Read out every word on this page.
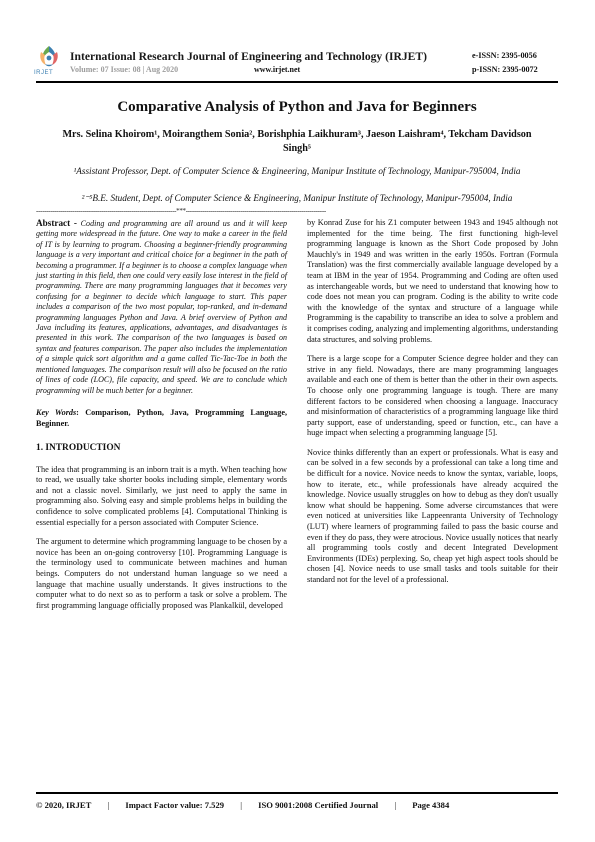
IRJET
International Research Journal of Engineering and Technology (IRJET)
Volume: 07 Issue: 08 | Aug 2020	www.irjet.net
e-ISSN: 2395-0056
p-ISSN: 2395-0072
Comparative Analysis of Python and Java for Beginners
Mrs. Selina Khoirom¹, Moirangthem Sonia², Borishphia Laikhuram³, Jaeson Laishram⁴, Tekcham Davidson Singh⁵
¹Assistant Professor, Dept. of Computer Science & Engineering, Manipur Institute of Technology, Manipur-795004, India
²⁻⁵B.E. Student, Dept. of Computer Science & Engineering, Manipur Institute of Technology, Manipur-795004, India
---------------------------------------------------------------------***---------------------------------------------------------------------

Abstract - Coding and programming are all around us and it will keep getting more widespread in the future. One way to make a career in the field of IT is by learning to program. Choosing a beginner-friendly programming language is a very important and critical choice for a beginner in the path of becoming a programmer. If a beginner is to choose a complex language when just starting in this field, then one could very easily lose interest in the field of programming. There are many programming languages that it becomes very confusing for a beginner to decide which language to start. This paper includes a comparison of the two most popular, top-ranked, and in-demand programming languages Python and Java. A brief overview of Python and Java including its features, applications, advantages, and disadvantages is presented in this work. The comparison of the two languages is based on syntax and features comparison. The paper also includes the implementation of a simple quick sort algorithm and a game called Tic-Tac-Toe in both the mentioned languages. The comparison result will also be focused on the ratio of lines of code (LOC), file capacity, and speed. We are to conclude which programming will be much better for a beginner.

Key Words: Comparison, Python, Java, Programming Language, Beginner.

1. INTRODUCTION

The idea that programming is an inborn trait is a myth. When teaching how to read, we usually take shorter books including simple, elementary words and not a classic novel. Similarly, we just need to apply the same in programming also. Solving easy and simple problems helps in building the confidence to solve complicated problems [4]. Computational Thinking is essential especially for a person associated with Computer Science.

The argument to determine which programming language to be chosen by a novice has been an on-going controversy [10]. Programming Language is the terminology used to communicate between machines and human beings. Computers do not understand human language so we need a language that machine usually understands. It gives instructions to the computer what to do next so as to perform a task or solve a problem. The first programming language officially proposed was Plankalkül, developed

by Konrad Zuse for his Z1 computer between 1943 and 1945 although not implemented for the time being. The first functioning high-level programming language is known as the Short Code proposed by John Mauchly's in 1949 and was written in the early 1950s. Fortran (Formula Translation) was the first commercially available language developed by a team at IBM in the year of 1954. Programming and Coding are often used as interchangeable words, but we need to understand that knowing how to code does not mean you can program. Coding is the ability to write code with the knowledge of the syntax and structure of a language while Programming is the capability to transcribe an idea to solve a problem and it comprises coding, analyzing and implementing algorithms, understanding data structures, and solving problems.

There is a large scope for a Computer Science degree holder and they can strive in any field. Nowadays, there are many programming languages available and each one of them is better than the other in their own aspects. To choose only one programming language is tough. There are many different factors to be considered when choosing a language. Inaccuracy and misinformation of characteristics of a programming language like third party support, ease of understanding, speed or function, etc., can have a huge impact when selecting a programming language [5].

Novice thinks differently than an expert or professionals. What is easy and can be solved in a few seconds by a professional can take a long time and be difficult for a novice. Novice needs to know the syntax, variable, loops, how to iterate, etc., while professionals have already acquired the knowledge. Novice usually struggles on how to debug as they don't usually know what should be happening. Some adverse circumstances that were even noticed at universities like Lappeenranta University of Technology (LUT) where learners of programming failed to pass the basic course and even if they do pass, they were atrocious. Novice usually notices that nearly all programming tools costly and decent Integrated Development Environments (IDEs) perplexing. So, cheap yet high aspect tools should be chosen [4]. Novice needs to use small tasks and tools suitable for their standard not for the level of a professional.

© 2020, IRJET | Impact Factor value: 7.529 | ISO 9001:2008 Certified Journal | Page 4384
